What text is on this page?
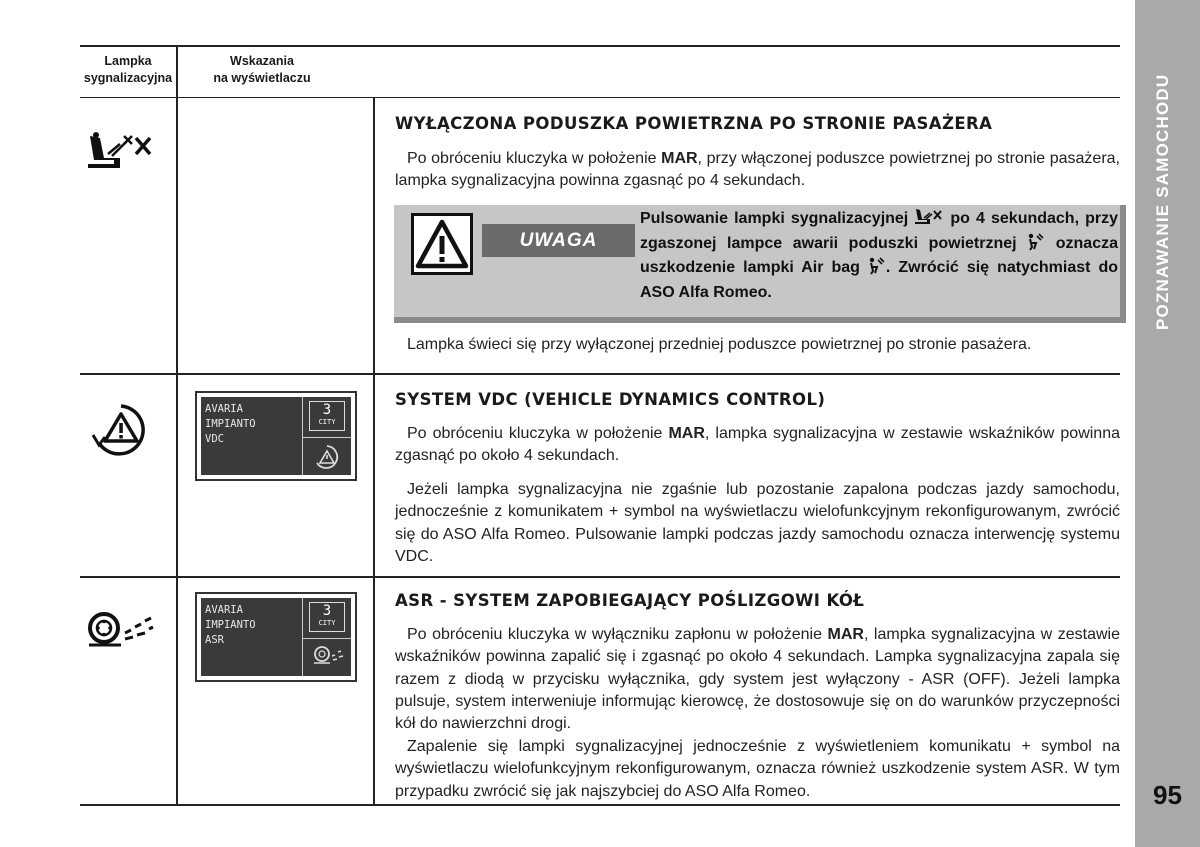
POZNAWANIE SAMOCHODU
95
Lampka
sygnalizacyjna
Wskazania
na wyświetlaczu
WYŁĄCZONA PODUSZKA POWIETRZNA PO STRONIE PASAŻERA
Po obróceniu kluczyka w położenie MAR, przy włączonej poduszce powietrznej po stronie pasażera, lampka sygnalizacyjna powinna zgasnąć po 4 sekundach.
UWAGA
Pulsowanie lampki sygnalizacyjnej  po 4 sekundach, przy zgaszonej lampce awarii poduszki powietrznej  oznacza uszkodzenie lampki Air bag . Zwrócić się natychmiast do ASO Alfa Romeo.
Lampka świeci się przy wyłączonej przedniej poduszce powietrznej po stronie pasażera.
AVARIA
IMPIANTO
VDC
3
CITY
SYSTEM VDC (VEHICLE DYNAMICS CONTROL)
Po obróceniu kluczyka w położenie MAR, lampka sygnalizacyjna w zestawie wskaźników powinna zgasnąć po około 4 sekundach.
Jeżeli lampka sygnalizacyjna nie zgaśnie lub pozostanie zapalona podczas jazdy samochodu, jednocześnie z komunikatem + symbol na wyświetlaczu wielofunkcyjnym rekonfigurowanym, zwrócić się do ASO Alfa Romeo. Pulsowanie lampki podczas jazdy samochodu oznacza interwencję systemu VDC.
AVARIA
IMPIANTO
ASR
3
CITY
ASR - SYSTEM ZAPOBIEGAJĄCY POŚLIZGOWI KÓŁ
Po obróceniu kluczyka w wyłączniku zapłonu w położenie MAR, lampka sygnalizacyjna w zestawie wskaźników powinna zapalić się i zgasnąć po około 4 sekundach. Lampka sygnalizacyjna zapala się razem z diodą w przycisku wyłącznika, gdy system jest wyłączony - ASR (OFF). Jeżeli lampka pulsuje, system interweniuje informując kierowcę, że dostosowuje się on do warunków przyczepności kół do nawierzchni drogi.
Zapalenie się lampki sygnalizacyjnej jednocześnie z wyświetleniem komunikatu + symbol na wyświetlaczu wielofunkcyjnym rekonfigurowanym, oznacza również uszkodzenie system ASR. W tym przypadku zwrócić się jak najszybciej do ASO Alfa Romeo.
